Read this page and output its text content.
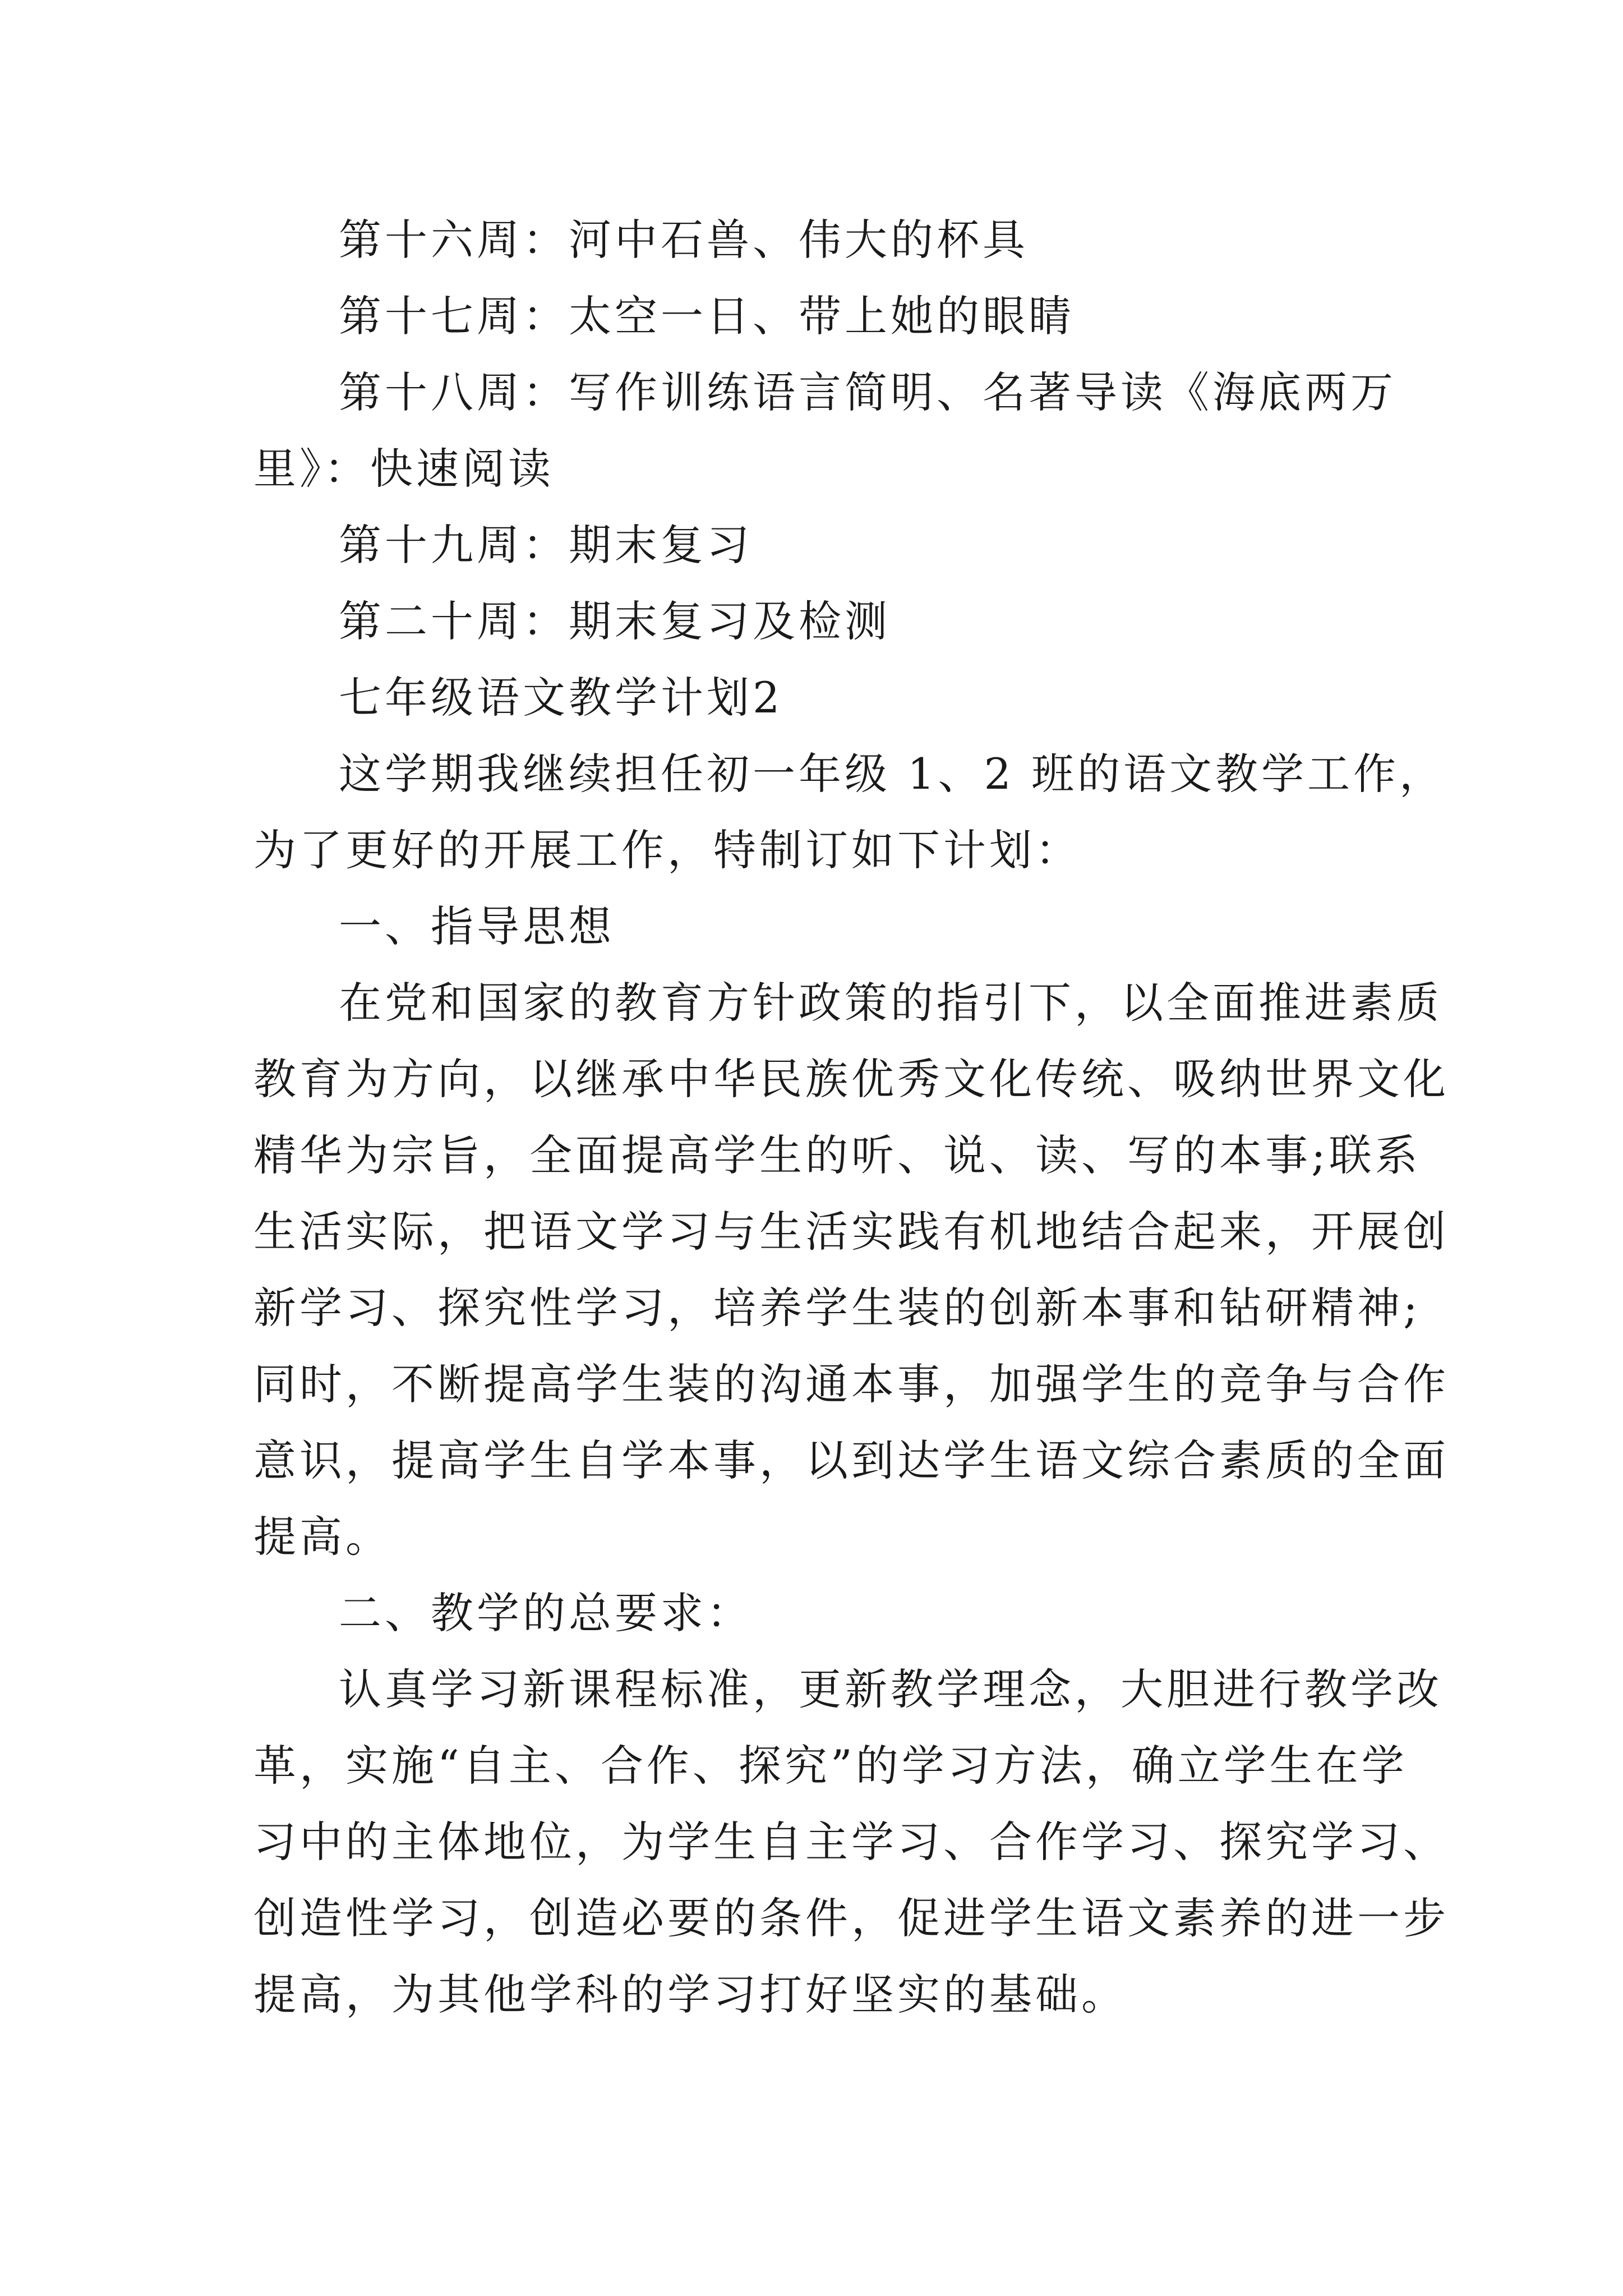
第十六周：河中石兽、伟大的杯具
第十七周：太空一日、带上她的眼睛
第十八周：写作训练语言简明、名著导读《海底两万
里》：快速阅读
第十九周：期末复习
第二十周：期末复习及检测
七年级语文教学计划2
这学期我继续担任初一年级 1、2 班的语文教学工作，
为了更好的开展工作，特制订如下计划：
一、指导思想
在党和国家的教育方针政策的指引下，以全面推进素质
教育为方向，以继承中华民族优秀文化传统、吸纳世界文化
精华为宗旨，全面提高学生的听、说、读、写的本事;联系
生活实际，把语文学习与生活实践有机地结合起来，开展创
新学习、探究性学习，培养学生装的创新本事和钻研精神;
同时，不断提高学生装的沟通本事，加强学生的竞争与合作
意识，提高学生自学本事，以到达学生语文综合素质的全面
提高。
二、教学的总要求：
认真学习新课程标准，更新教学理念，大胆进行教学改
革，实施“自主、合作、探究”的学习方法，确立学生在学
习中的主体地位，为学生自主学习、合作学习、探究学习、
创造性学习，创造必要的条件，促进学生语文素养的进一步
提高，为其他学科的学习打好坚实的基础。
